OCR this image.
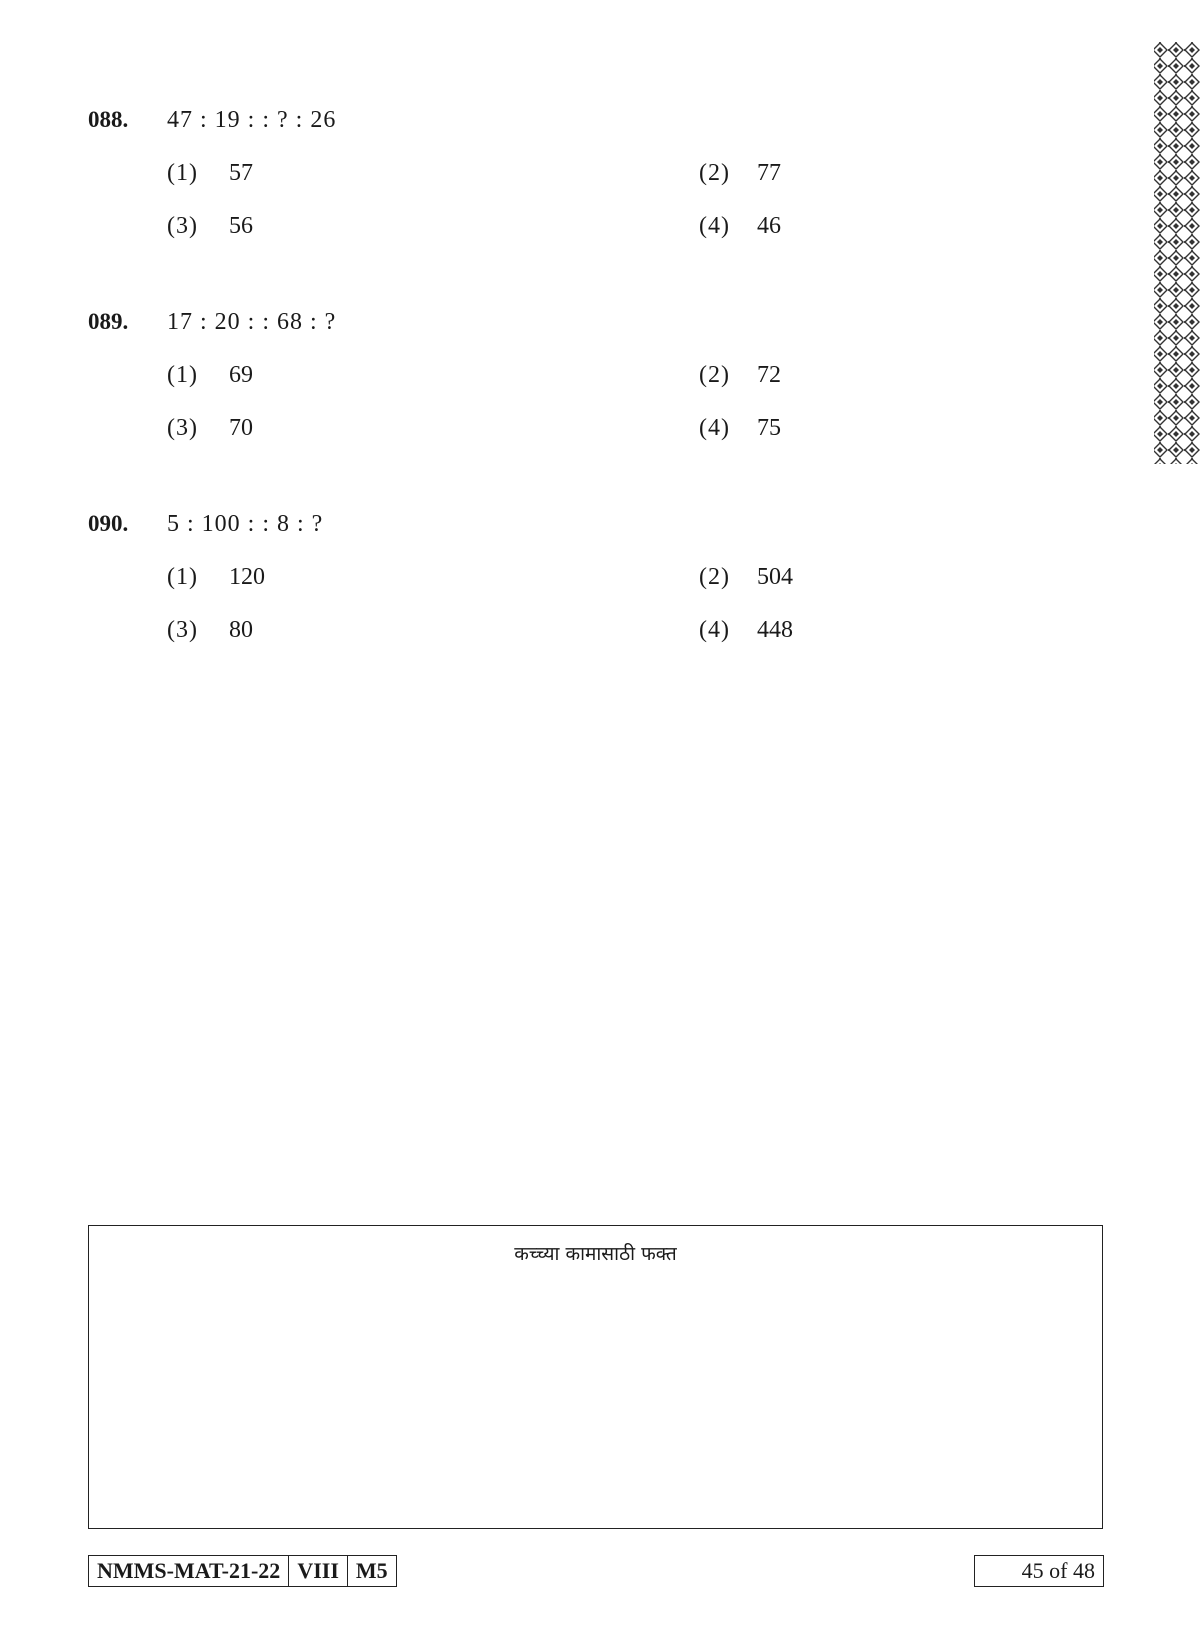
088. 47 : 19 : : ? : 26
(1) 57	(2) 77
(3) 56	(4) 46
089. 17 : 20 : : 68 : ?
(1) 69	(2) 72
(3) 70	(4) 75
090. 5 : 100 : : 8 : ?
(1) 120	(2) 504
(3) 80	(4) 448
कच्च्या कामासाठी फक्त
NMMS-MAT-21-22 VIII M5	45 of 48
